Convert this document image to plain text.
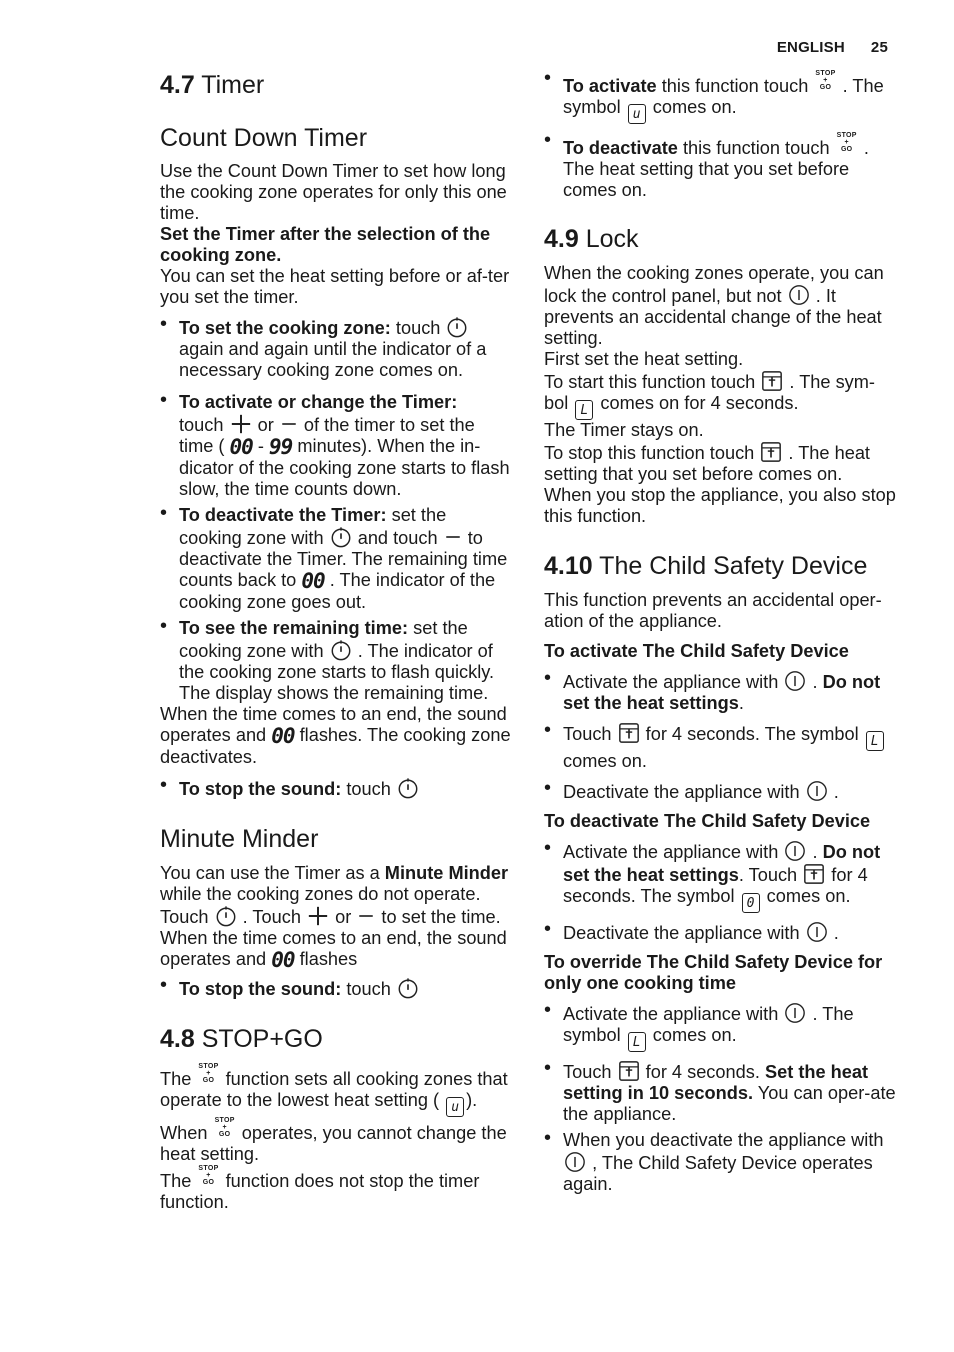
ENGLISH 25
4.7 Timer
Count Down Timer

Use the Count Down Timer to set how long the cooking zone operates for only this one time.

Set the Timer after the selection of the cooking zone.

You can set the heat setting before or af-ter you set the timer.

• To set the cooking zone: touch
again and again until the indicator of a necessary cooking zone comes on.
• To activate or change the Timer:
touch or of the timer to set the time ( 00 - 99 minutes). When the in-dicator of the cooking zone starts to flash slow, the time counts down.
• To deactivate the Timer: set the cooking zone with and touch to deactivate the Timer. The remaining time counts back to 00 . The indicator of the cooking zone goes out.
• To see the remaining time: set the cooking zone with . The indicator of the cooking zone starts to flash quickly. The display shows the remaining time.

When the time comes to an end, the sound operates and 00 flashes. The cooking zone deactivates.

• To stop the sound: touch
Minute Minder

You can use the Timer as a Minute Minder while the cooking zones do not operate. Touch . Touch or to set the time. When the time comes to an end, the sound operates and 00 flashes

• To stop the sound: touch
4.8 STOP+GO

The STOP
+
GO function sets all cooking zones that operate to the lowest heat setting ( u ).

When STOP
+
GO operates, you cannot change the heat setting.

The STOP
+
GO function does not stop the timer function.

• To activate this function touch STOP
+
GO . The symbol u comes on.
• To deactivate this function touch STOP
+
GO . The heat setting that you set before comes on.
4.9 Lock

When the cooking zones operate, you can lock the control panel, but not . It prevents an accidental change of the heat setting.

First set the heat setting.

To start this function touch . The sym-bol L comes on for 4 seconds.

The Timer stays on.

To stop this function touch . The heat setting that you set before comes on.

When you stop the appliance, you also stop this function.

4.10 The Child Safety Device

This function prevents an accidental oper-ation of the appliance.

To activate The Child Safety Device

• Activate the appliance with . Do not set the heat settings.
• Touch for 4 seconds. The symbol L comes on.
• Deactivate the appliance with .

To deactivate The Child Safety Device

• Activate the appliance with . Do not set the heat settings. Touch for 4 seconds. The symbol 0 comes on.
• Deactivate the appliance with .

To override The Child Safety Device for only one cooking time

• Activate the appliance with . The symbol L comes on.
• Touch for 4 seconds. Set the heat setting in 10 seconds. You can oper-ate the appliance.
• When you deactivate the appliance with
, The Child Safety Device operates again.
